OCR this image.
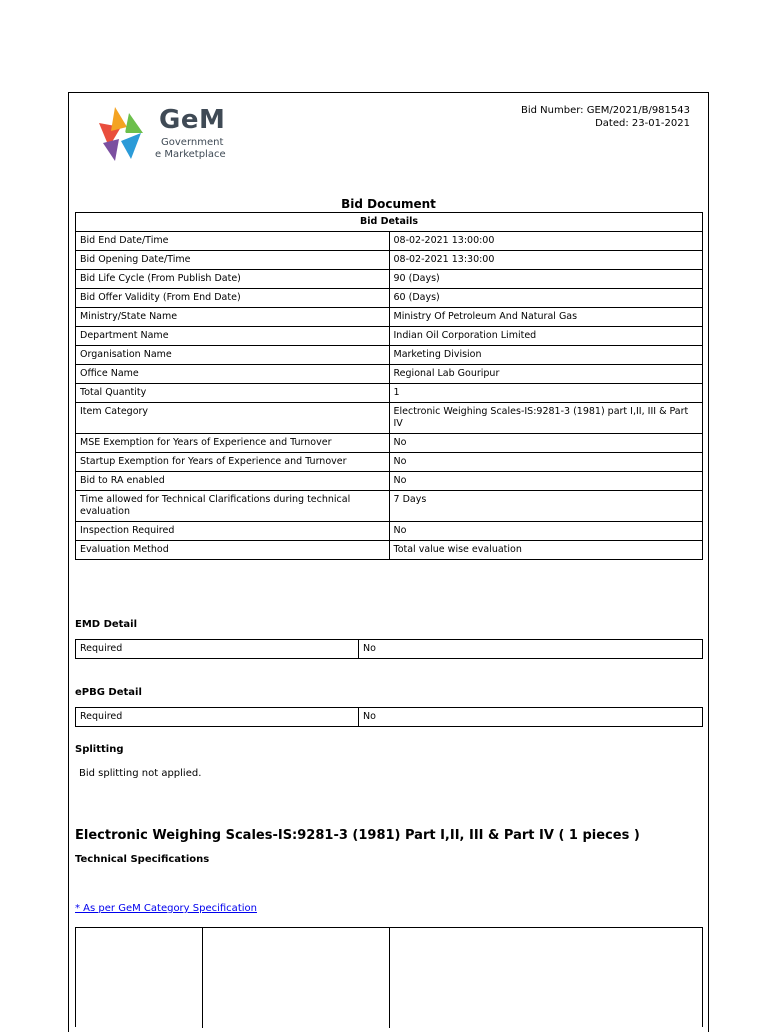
GeM
Government
e Marketplace
Bid Number: GEM/2021/B/981543
Dated: 23-01-2021
Bid Document
Bid Details	
Bid End Date/Time	08-02-2021 13:00:00
Bid Opening Date/Time	08-02-2021 13:30:00
Bid Life Cycle (From Publish Date)	90 (Days)
Bid Offer Validity (From End Date)	60 (Days)
Ministry/State Name	Ministry Of Petroleum And Natural Gas
Department Name	Indian Oil Corporation Limited
Organisation Name	Marketing Division
Office Name	Regional Lab Gouripur
Total Quantity	1
Item Category	Electronic Weighing Scales-IS:9281-3 (1981) part I,II, III & Part IV
MSE Exemption for Years of Experience and Turnover	No
Startup Exemption for Years of Experience and Turnover	No
Bid to RA enabled	No
Time allowed for Technical Clarifications during technical evaluation	7 Days
Inspection Required	No
Evaluation Method	Total value wise evaluation
EMD Detail
Required	No
ePBG Detail
Required	No
Splitting
Bid splitting not applied.
Electronic Weighing Scales-IS:9281-3 (1981) Part I,II, III & Part IV ( 1 pieces )
Technical Specifications
* As per GeM Category Specification
